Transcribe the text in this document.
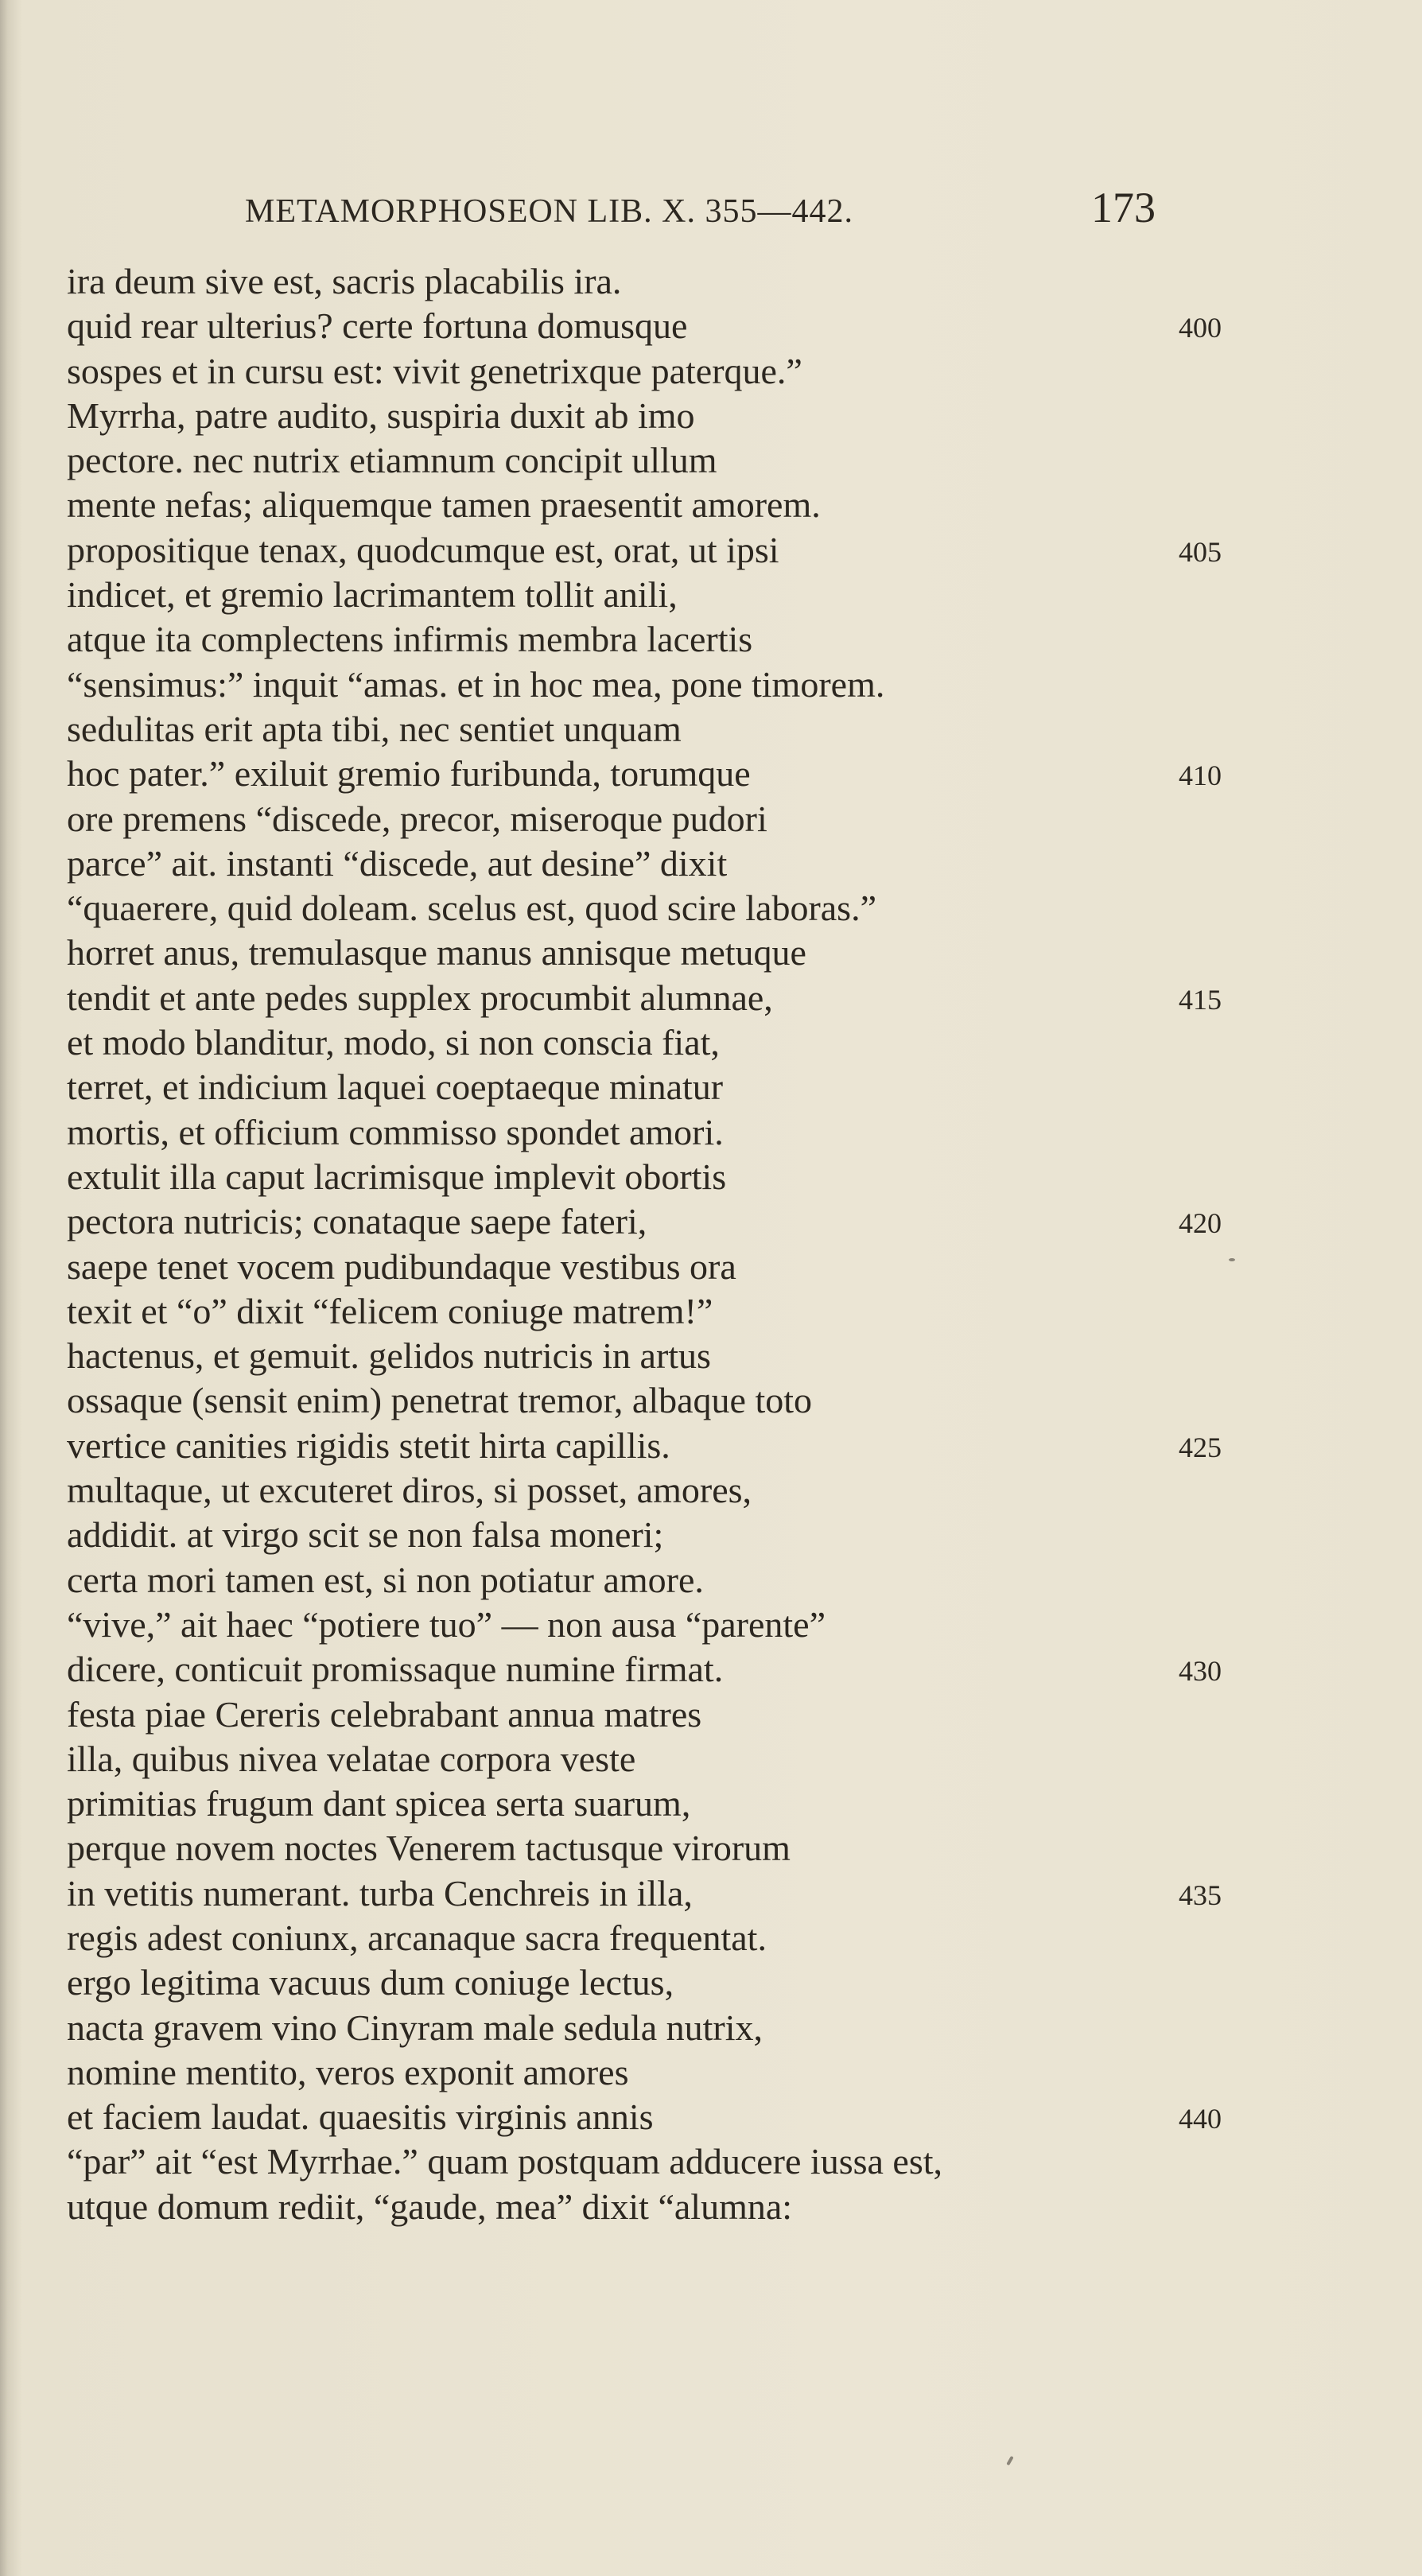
METAMORPHOSEON LIB. X. 355—442.	173
ira deum sive est, sacris placabilis ira.
quid rear ulterius? certe fortuna domusque	400
sospes et in cursu est: vivit genetrixque paterque.”
Myrrha, patre audito, suspiria duxit ab imo
pectore. nec nutrix etiamnum concipit ullum
mente nefas; aliquemque tamen praesentit amorem.
propositique tenax, quodcumque est, orat, ut ipsi	405
indicet, et gremio lacrimantem tollit anili,
atque ita complectens infirmis membra lacertis
“sensimus:” inquit “amas. et in hoc mea, pone timorem.
sedulitas erit apta tibi, nec sentiet unquam
hoc pater.” exiluit gremio furibunda, torumque	410
ore premens “discede, precor, miseroque pudori
parce” ait. instanti “discede, aut desine” dixit
“quaerere, quid doleam. scelus est, quod scire laboras.”
horret anus, tremulasque manus annisque metuque
tendit et ante pedes supplex procumbit alumnae,	415
et modo blanditur, modo, si non conscia fiat,
terret, et indicium laquei coeptaeque minatur
mortis, et officium commisso spondet amori.
extulit illa caput lacrimisque implevit obortis
pectora nutricis; conataque saepe fateri,	420
saepe tenet vocem pudibundaque vestibus ora
texit et “o” dixit “felicem coniuge matrem!”
hactenus, et gemuit. gelidos nutricis in artus
ossaque (sensit enim) penetrat tremor, albaque toto
vertice canities rigidis stetit hirta capillis.	425
multaque, ut excuteret diros, si posset, amores,
addidit. at virgo scit se non falsa moneri;
certa mori tamen est, si non potiatur amore.
“vive,” ait haec “potiere tuo” — non ausa “parente”
dicere, conticuit promissaque numine firmat.	430
festa piae Cereris celebrabant annua matres
illa, quibus nivea velatae corpora veste
primitias frugum dant spicea serta suarum,
perque novem noctes Venerem tactusque virorum
in vetitis numerant. turba Cenchreis in illa,	435
regis adest coniunx, arcanaque sacra frequentat.
ergo legitima vacuus dum coniuge lectus,
nacta gravem vino Cinyram male sedula nutrix,
nomine mentito, veros exponit amores
et faciem laudat. quaesitis virginis annis	440
“par” ait “est Myrrhae.” quam postquam adducere iussa est,
utque domum rediit, “gaude, mea” dixit “alumna:
